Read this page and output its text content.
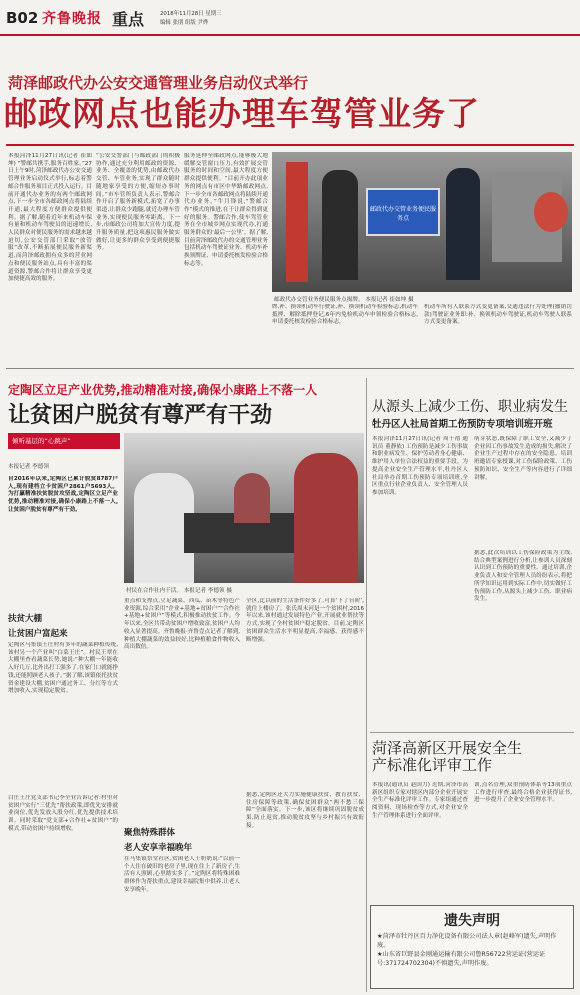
B02 齐鲁晚报 重点	2018年11月28日 星期三
编辑 张朋 组版 尹烨
菏泽邮政代办公安交通管理业务启动仪式举行
邮政网点也能办理车驾管业务了
本报菏泽11月27日讯(记者 崔如坤) “警邮共携手,服务百姓家。”27日上午9时,菏泽邮政代办公安交通管理业务启动仪式举行,标志着警邮合作服务项目正式投入运行。目前开通代办业务的有两个邮政网点,下一步全市各邮政网点将陆续开通,最大程度方便群众提供便利。据了解,随着近年来机动车保有量和机动车驾驶员的迅速增长,人民群众对便民服务的需求越来越迫切,公安交管部门采取“放管服”改革,不断拓展便民服务新渠道,而菏泽邮政拥有众多的营业网点和便民服务站点,具有丰富的渠道资源,警邮合作将让群众享受更加便捷高效的服务。
“公安交警部门与邮政部门的积极协作,通过充分利用邮政的资源、业务、全覆盖的优势,由邮政代办交管、车管业务,实现了群众随时随地家享受的方便,缩短办事时间。”市车管所负责人表示,警邮合作开启了服务新模式,拓宽了办事渠道,让群众少跑腿,就近办理车管业务,实现便民服务零距离。下一步,市邮政公司将加大宣传力度,提升服务质量,把这项惠民服务做实做好,让更多的群众享受到便捷服务。
服务延伸至邮政网点,能够极大地缓解交管窗口压力,有效扩展交管服务的时间和空间,最大程度方便群众提供便利。“目前开办此项业务的网点有市区中华路邮政网点,下一步全市各邮政网点将陆续开通代办业务。”牛月锋说,“警邮合作”模式的推进,在于让群众得到更好的服务。警邮合作,使车驾管业务在全市城乡网点实现代办,打通服务群众的‘最后一公里’。据了解,目前菏泽邮政代办的交通管理业务包括机动车驾驶证业务、机动车补换领牌证、申请委托核发检验合格标志等。
邮政代办交管业务便民服务点
邮政代办交管业务便民服务点揭牌。 本报记者 崔如坤 摄
牌,补、换领机动车行驶证,补、换领机动车检验标志,机动车抵押、解除抵押登记,6年内免检机动车申领检验合格标志,申请委托核发检验合格标志,
机动车所有人联系方式变更备案,交通违法行为处理(撤销罚款)驾驶证业务即:补、换领机动车驾驶证,机动车驾驶人联系方式变更备案。
定陶区立足产业优势,推动精准对接,确保小康路上不落一人
让贫困户脱贫有尊严有干劲
倾听基层的“心跳声”
本报记者 李德领
自2016年以来,定陶区已累计脱贫8787户人,现有建档立卡贫困户2861户5693人。为打赢精准扶贫脱贫攻坚战,定陶区立足产业优势,推动精准对接,确保小康路上不落一人,让贫困户脱贫有尊严有干劲。
扶贫大棚
让贫困户富起来
定陶区马集镇王庄村有多年的蔬菜种植传统,该村另一个产业叫“白菜王庄”。村民王翠在大棚里查看蔬菜长势,她说:“种大棚一年能收入好几万,比外出打工强多了,在家门口就能挣钱,还能照顾老人孩子。”据了解,该镇依托扶贫资金建设大棚,贫困户通过务工、分红等方式增加收入,实现稳定脱贫。
白庄王庄党支部书记李全业告诉记者:村里对贫困户实行“三优先”帮扶政策,即优先安排就业岗位,优先发放入股分红,优先提供技术培训。同时采取“党支部+合作社+贫困户”的模式,带动贫困户持续增收。
村民在合作社内干活。 本报记者 李德领 摄
重点和支撑点,立足蔬菜、西瓜、苗木等特色产业资源,综合采用“企业+基地+贫困户”“合作社+基地+贫困户”等模式,积极推动扶贫工作。今年以来,全区共带动贫困户增收致富,贫困户人均收入显著提高。齐鲁晚报·齐鲁壹点记者了解到,种植大棚蔬菜的效益较好,比种植粮食作物收入高出数倍。
聚焦特殊群体
老人安享幸福晚年
在马集镇祭堂社区,贫困老人王奶奶说:“以前一个人住在破旧的老房子里,现在住上了新房子,生活有人照顾,心里踏实多了。”定陶区将特殊困难群体作为帮扶重点,建设幸福院集中供养,让老人安享晚年。
全区,比以前的生活条件好多了,可算‘下了台阶’,就住上楼房了。张氏周末河是一个贫困村,2016年以来,该村通过发展特色产业,开展就业帮扶等方式,实现了全村贫困户稳定脱贫。目前,定陶区贫困群众生活水平明显提高,幸福感、获得感不断增强。
据悉,定陶区还大力实施健康扶贫、教育扶贫、住房保障等政策,确保贫困群众“两不愁三保障”全面落实。下一步,该区将继续巩固脱贫成果,防止返贫,推动脱贫攻坚与乡村振兴有效衔接。
从源头上减少工伤、职业病发生
牡丹区人社局首期工伤预防专项培训班开班
本报菏泽11月27日讯(记者 周千禧 通讯员 董静依) 工伤预防是减少工伤事故和职业病发生、保护劳动者身心健康、维护用人单位合法权益的重要手段。为提高企业安全生产管理水平,牡丹区人社局举办首期工伤预防专项培训班,全区重点行业企业负责人、安全管理人员参加培训。
萌芽状态,既保障了职工安全,又减少了企业因工伤事故发生造成的损失,解决了企业生产过程中存在的安全隐患。培训班邀请专家授课,对工伤保险政策、工伤预防知识、安全生产等内容进行了详细讲解。
据悉,此次培训以工伤保险政策为主线,结合典型案例进行分析,让参训人员深刻认识到工伤预防的重要性。通过培训,企业负责人和安全管理人员纷纷表示,将把所学知识运用到实际工作中,切实做好工伤预防工作,从源头上减少工伤、职业病发生。
菏泽高新区开展安全生产标准化评审工作
本报讯(通讯员 赵国力) 近期,菏泽市高新区组织专家对辖区内部分企业开展安全生产标准化评审工作。专家组通过查阅资料、现场检查等方式,对企业安全生产管理体系进行全面评审。
训,点名管理,双重预防体系等13项重点工作进行审查,最终合格企业获得证书,进一步提升了企业安全管理水平。
遗失声明
★菏泽市牡丹区百力净化设备有限公司法人章(赵峰军)遗失,声明作废。
★山东省巨野县金刚通运输有限公司鲁R56722营运证(营运证号:371724702304)不慎遗失,声明作废。
